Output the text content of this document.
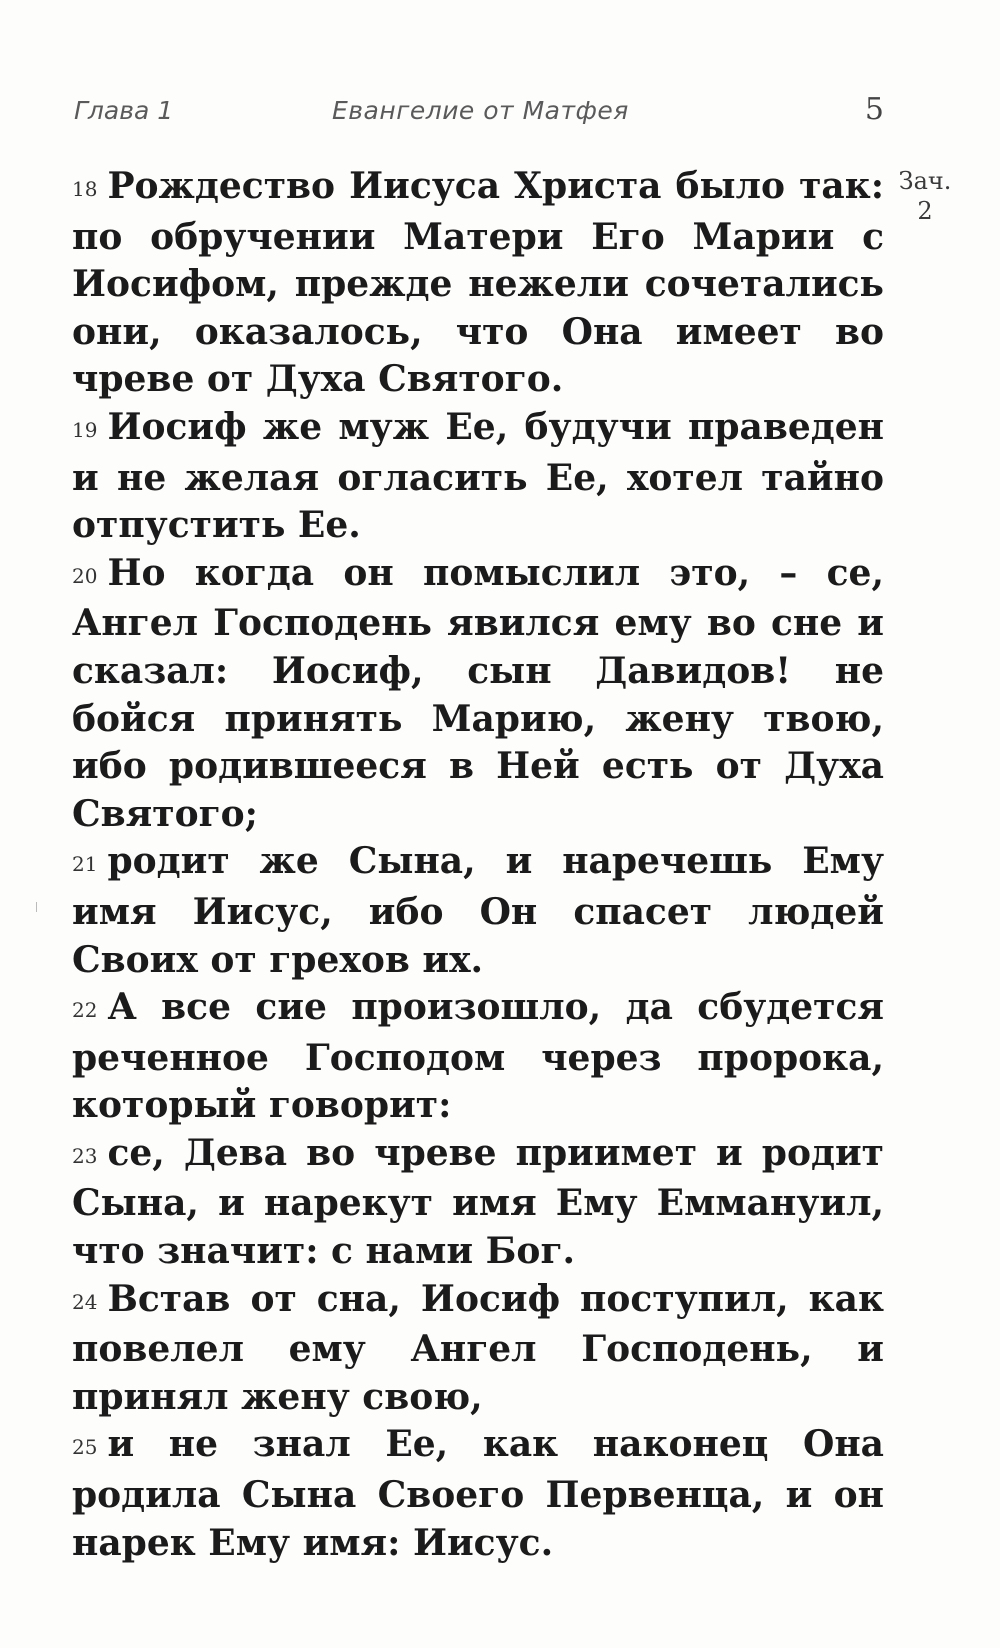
Глава 1	Евангелие от Матфея	5
Зач.
2

18 Рождество Иисуса Христа было так: по обручении Матери Его Марии с Иосифом, прежде нежели сочетались они, оказалось, что Она имеет во чреве от Духа Святого.

19 Иосиф же муж Ее, будучи праведен и не желая огласить Ее, хотел тайно отпустить Ее.

20 Но когда он помыслил это, – се, Ангел Господень явился ему во сне и сказал: Иосиф, сын Давидов! не бойся принять Марию, жену твою, ибо родившееся в Ней есть от Духа Святого;

21 родит же Сына, и наречешь Ему имя Иисус, ибо Он спасет людей Своих от грехов их.

22 А все сие произошло, да сбудется реченное Господом через пророка, который говорит:

23 се, Дева во чреве приимет и родит Сына, и нарекут имя Ему Еммануил, что значит: с нами Бог.

24 Встав от сна, Иосиф поступил, как повелел ему Ангел Господень, и принял жену свою,

25 и не знал Ее, как наконец Она родила Сына Своего Первенца, и он нарек Ему имя: Иисус.
